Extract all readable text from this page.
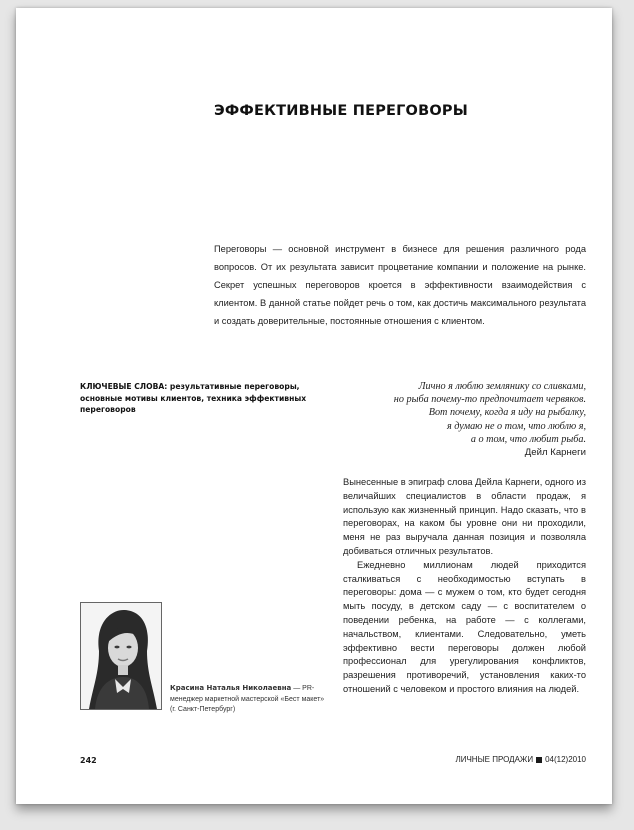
ЭФФЕКТИВНЫЕ ПЕРЕГОВОРЫ

Переговоры — основной инструмент в бизнесе для решения различного рода вопросов. От их результата зависит процветание компании и положение на рынке. Секрет успешных переговоров кроется в эффективности взаимодействия с клиентом. В данной статье пойдет речь о том, как достичь максимального результата и создать доверительные, постоянные отношения с клиентом.

КЛЮЧЕВЫЕ СЛОВА: результативные переговоры, основные мотивы клиентов, техника эффективных переговоров

Лично я люблю землянику со сливками,
но рыба почему-то предпочитает червяков.
Вот почему, когда я иду на рыбалку,
я думаю не о том, что люблю я,
а о том, что любит рыба.
Дейл Карнеги

Вынесенные в эпиграф слова Дейла Карнеги, одного из величайших специалистов в области продаж, я использую как жизненный принцип. Надо сказать, что в переговорах, на каком бы уровне они ни проходили, меня не раз выручала данная позиция и позволяла добиваться отличных результатов.

Ежедневно миллионам людей приходится сталкиваться с необходимостью вступать в переговоры: дома — с мужем о том, кто будет сегодня мыть посуду, в детском саду — с воспитателем о поведении ребенка, на работе — с коллегами, начальством, клиентами. Следовательно, уметь эффективно вести переговоры должен любой профессионал для урегулирования конфликтов, разрешения противоречий, установления каких-то отношений с человеком и простого влияния на людей.

Красина Наталья Николаевна — PR-менеджер маркетной мастерской «Бест макет» (г. Санкт-Петербург)

242	ЛИЧНЫЕ ПРОДАЖИ 04(12)2010
